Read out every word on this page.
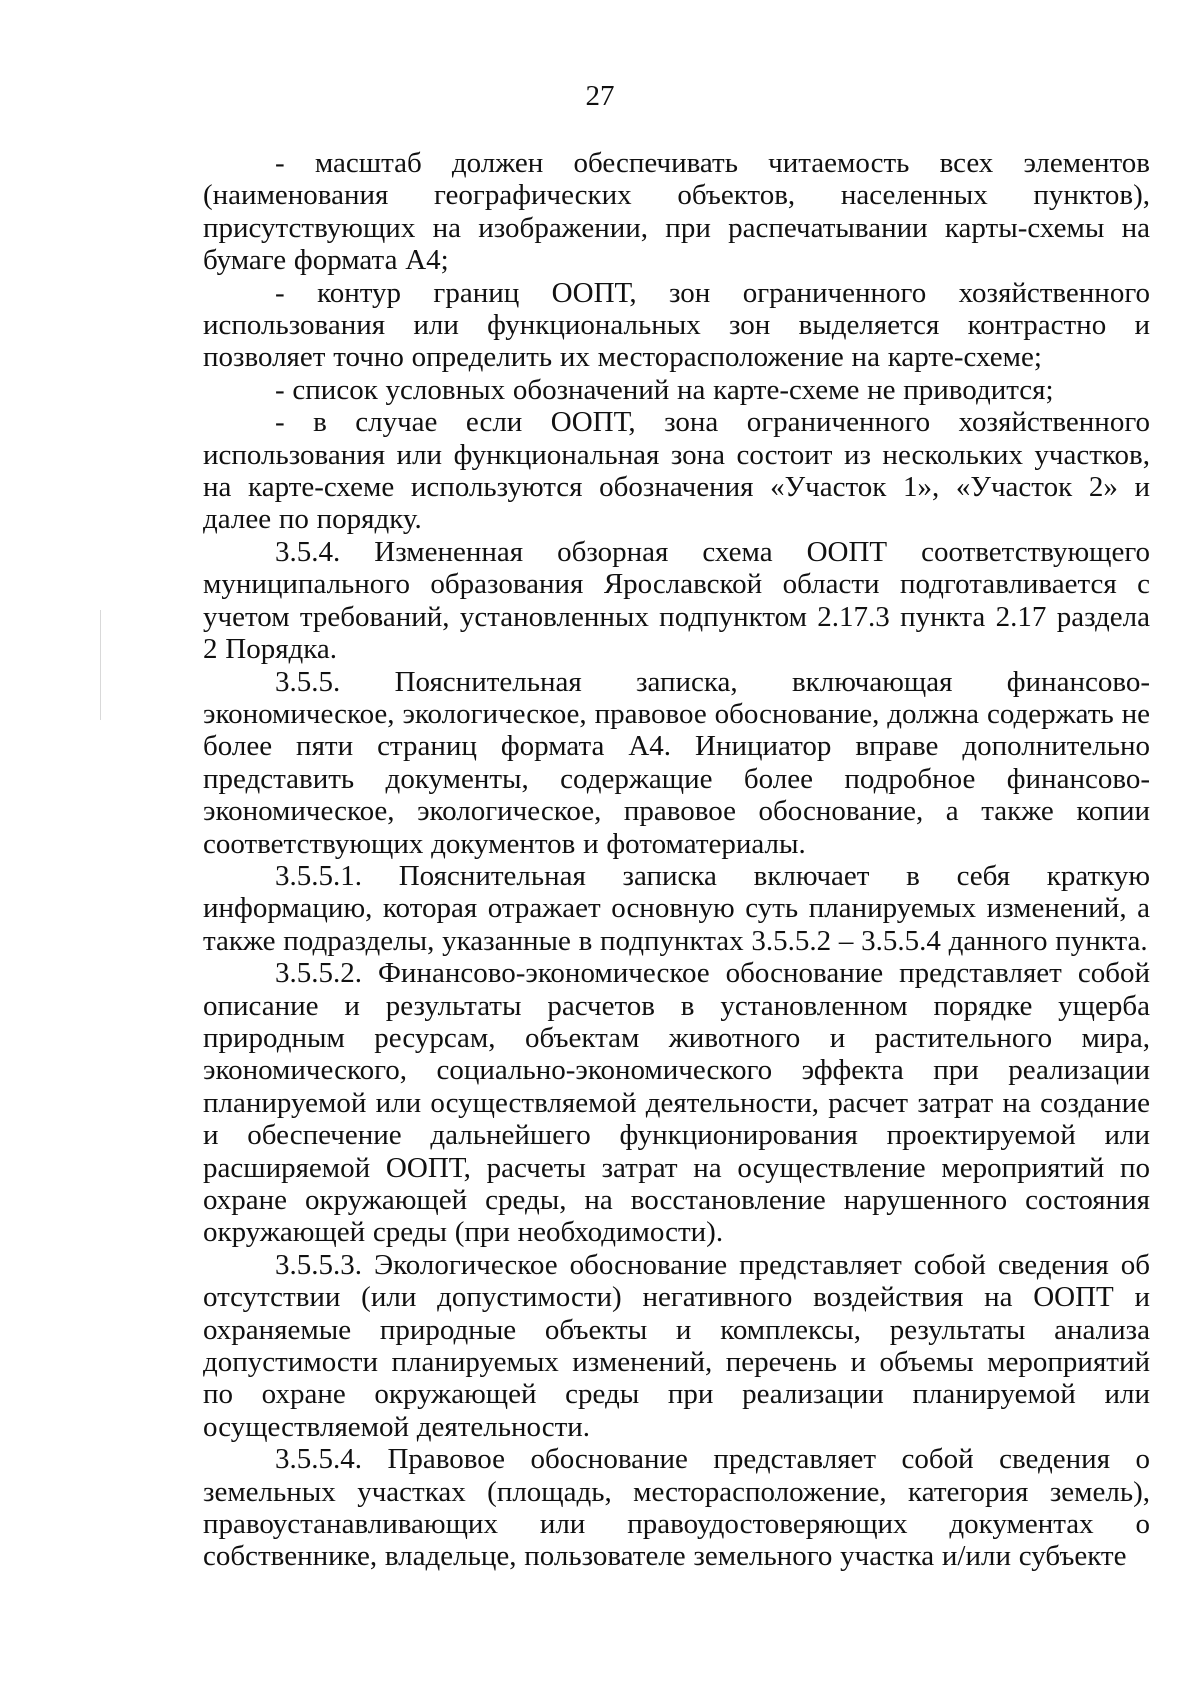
27

- масштаб должен обеспечивать читаемость всех элементов (наименования географических объектов, населенных пунктов), присутствующих на изображении, при распечатывании карты-схемы на бумаге формата А4;

- контур границ ООПТ, зон ограниченного хозяйственного использования или функциональных зон выделяется контрастно и позволяет точно определить их месторасположение на карте-схеме;

- список условных обозначений на карте-схеме не приводится;

- в случае если ООПТ, зона ограниченного хозяйственного использования или функциональная зона состоит из нескольких участков, на карте-схеме используются обозначения «Участок 1», «Участок 2» и далее по порядку.

3.5.4. Измененная обзорная схема ООПТ соответствующего муниципального образования Ярославской области подготавливается с учетом требований, установленных подпунктом 2.17.3 пункта 2.17 раздела 2 Порядка.

3.5.5. Пояснительная записка, включающая финансово-экономическое, экологическое, правовое обоснование, должна содержать не более пяти страниц формата А4. Инициатор вправе дополнительно представить документы, содержащие более подробное финансово-экономическое, экологическое, правовое обоснование, а также копии соответствующих документов и фотоматериалы.

3.5.5.1. Пояснительная записка включает в себя краткую информацию, которая отражает основную суть планируемых изменений, а также подразделы, указанные в подпунктах 3.5.5.2 – 3.5.5.4 данного пункта.

3.5.5.2. Финансово-экономическое обоснование представляет собой описание и результаты расчетов в установленном порядке ущерба природным ресурсам, объектам животного и растительного мира, экономического, социально-экономического эффекта при реализации планируемой или осуществляемой деятельности, расчет затрат на создание и обеспечение дальнейшего функционирования проектируемой или расширяемой ООПТ, расчеты затрат на осуществление мероприятий по охране окружающей среды, на восстановление нарушенного состояния окружающей среды (при необходимости).

3.5.5.3. Экологическое обоснование представляет собой сведения об отсутствии (или допустимости) негативного воздействия на ООПТ и охраняемые природные объекты и комплексы, результаты анализа допустимости планируемых изменений, перечень и объемы мероприятий по охране окружающей среды при реализации планируемой или осуществляемой деятельности.

3.5.5.4. Правовое обоснование представляет собой сведения о земельных участках (площадь, месторасположение, категория земель), правоустанавливающих или правоудостоверяющих документах о собственнике, владельце, пользователе земельного участка и/или субъекте
